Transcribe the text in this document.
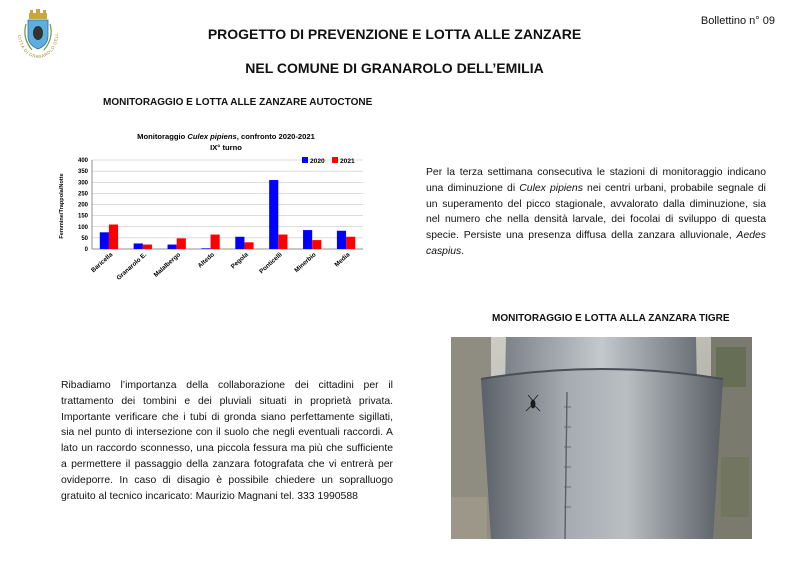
CITTÀ DI GRANAROLO DELL
Bollettino n° 09
PROGETTO DI PREVENZIONE E LOTTA ALLE ZANZARE
NEL COMUNE DI GRANAROLO DELL’EMILIA
MONITORAGGIO E LOTTA ALLE ZANZARE AUTOCTONE
Monitoraggio Culex pipiens, confronto 2020-2021
IX° turno
Femmine/Trappola/Notte
0
50
100
150
200
250
300
350
400
Baricella Granarolo E. Malalbergo Altedo Pegola Ponticelli Minerbio	Media
2020 2021
Per la terza settimana consecutiva le stazioni di monitoraggio indicano una diminuzione di Culex pipiens nei centri urbani, probabile segnale di un superamento del picco stagionale, avvalorato dalla diminuzione, sia nel numero che nella densità larvale, dei focolai di sviluppo di questa specie. Persiste una presenza diffusa della zanzara alluvionale, Aedes caspius.
MONITORAGGIO E LOTTA ALLA ZANZARA TIGRE
Ribadiamo l’importanza della collaborazione dei cittadini per il trattamento dei tombini e dei pluviali situati in proprietà privata. Importante verificare che i tubi di gronda siano perfettamente sigillati, sia nel punto di intersezione con il suolo che negli eventuali raccordi. A lato un raccordo sconnesso, una piccola fessura ma più che sufficiente a permettere il passaggio della zanzara fotografata che vi entrerà per ovideporre. In caso di disagio è possibile chiedere un sopralluogo gratuito al tecnico incaricato: Maurizio Magnani tel. 333 1990588
